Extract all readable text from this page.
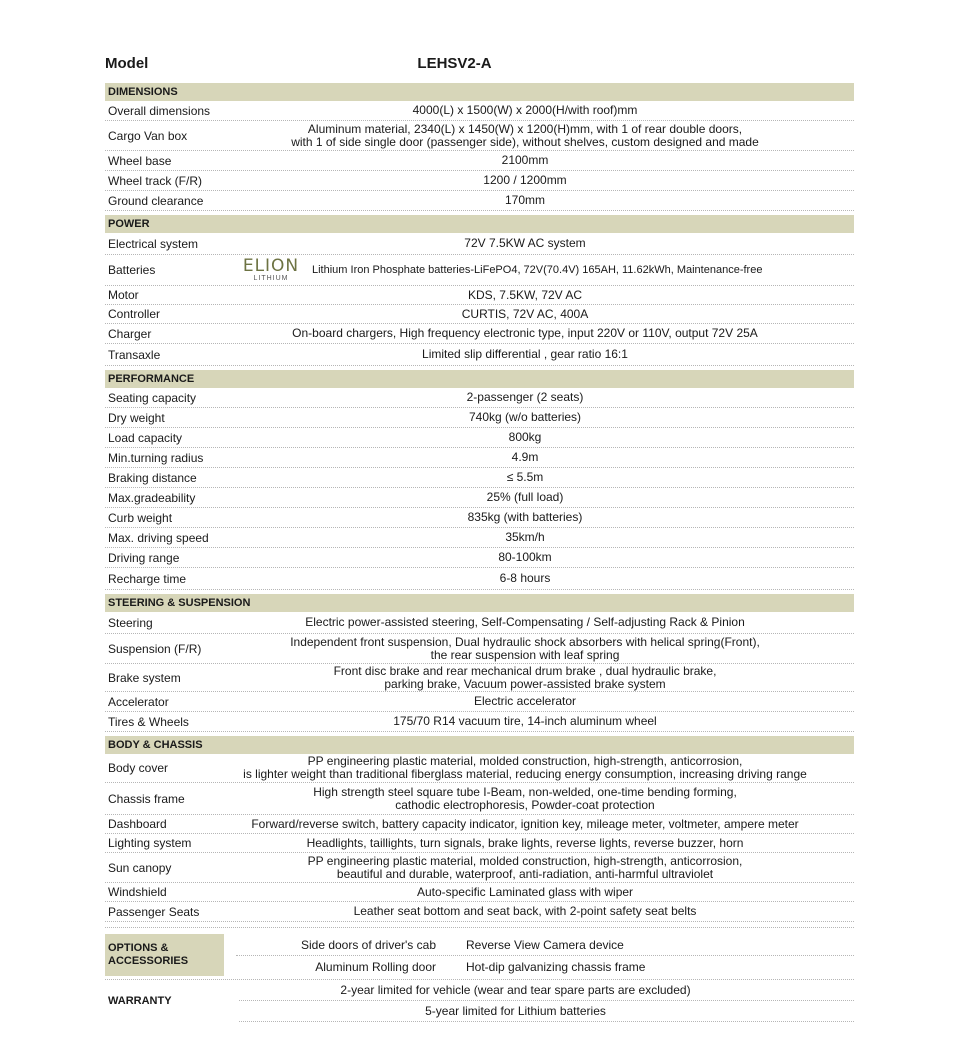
Model	LEHSV2-A
DIMENSIONS
Overall dimensions	4000(L) x 1500(W) x 2000(H/with roof)mm
Cargo Van box	Aluminum material, 2340(L) x 1450(W) x 1200(H)mm, with 1 of rear double doors,
with 1 of side single door (passenger side), without shelves, custom designed and made
Wheel base	2100mm
Wheel track (F/R)	1200 / 1200mm
Ground clearance	170mm
POWER
Electrical system	72V 7.5KW AC system
Batteries	ELION
LITHIUM
Lithium Iron Phosphate batteries-LiFePO4, 72V(70.4V) 165AH, 11.62kWh, Maintenance-free
Motor	KDS, 7.5KW, 72V AC
Controller	CURTIS, 72V AC, 400A
Charger	On-board chargers, High frequency electronic type, input 220V or 110V, output 72V 25A
Transaxle	Limited slip differential , gear ratio 16:1
PERFORMANCE
Seating capacity	2-passenger (2 seats)
Dry weight	740kg (w/o batteries)
Load capacity	800kg
Min.turning radius	4.9m
Braking distance	≤ 5.5m
Max.gradeability	25% (full load)
Curb weight	835kg (with batteries)
Max. driving speed	35km/h
Driving range	80-100km
Recharge time	6-8 hours
STEERING & SUSPENSION
Steering	Electric power-assisted steering, Self-Compensating / Self-adjusting Rack & Pinion
Suspension (F/R)	Independent front suspension, Dual hydraulic shock absorbers with helical spring(Front),
the rear suspension with leaf spring
Brake system	Front disc brake and rear mechanical drum brake , dual hydraulic brake,
parking brake, Vacuum power-assisted brake system
Accelerator	Electric accelerator
Tires & Wheels	175/70 R14 vacuum tire, 14-inch aluminum wheel
BODY & CHASSIS
Body cover	PP engineering plastic material, molded construction, high-strength, anticorrosion,
is lighter weight than traditional fiberglass material, reducing energy consumption, increasing driving range
Chassis frame	High strength steel square tube I-Beam, non-welded, one-time bending forming,
cathodic electrophoresis, Powder-coat protection
Dashboard	Forward/reverse switch, battery capacity indicator, ignition key, mileage meter, voltmeter, ampere meter
Lighting system	Headlights, taillights, turn signals, brake lights, reverse lights, reverse buzzer, horn
Sun canopy	PP engineering plastic material, molded construction, high-strength, anticorrosion,
beautiful and durable, waterproof, anti-radiation, anti-harmful ultraviolet
Windshield	Auto-specific Laminated glass with wiper
Passenger Seats	Leather seat bottom and seat back, with 2-point safety seat belts
OPTIONS &
ACCESSORIES
Side doors of driver's cab	Reverse View Camera device
Aluminum Rolling door	Hot-dip galvanizing chassis frame
WARRANTY
2-year limited for vehicle (wear and tear spare parts are excluded)
5-year limited for Lithium batteries
